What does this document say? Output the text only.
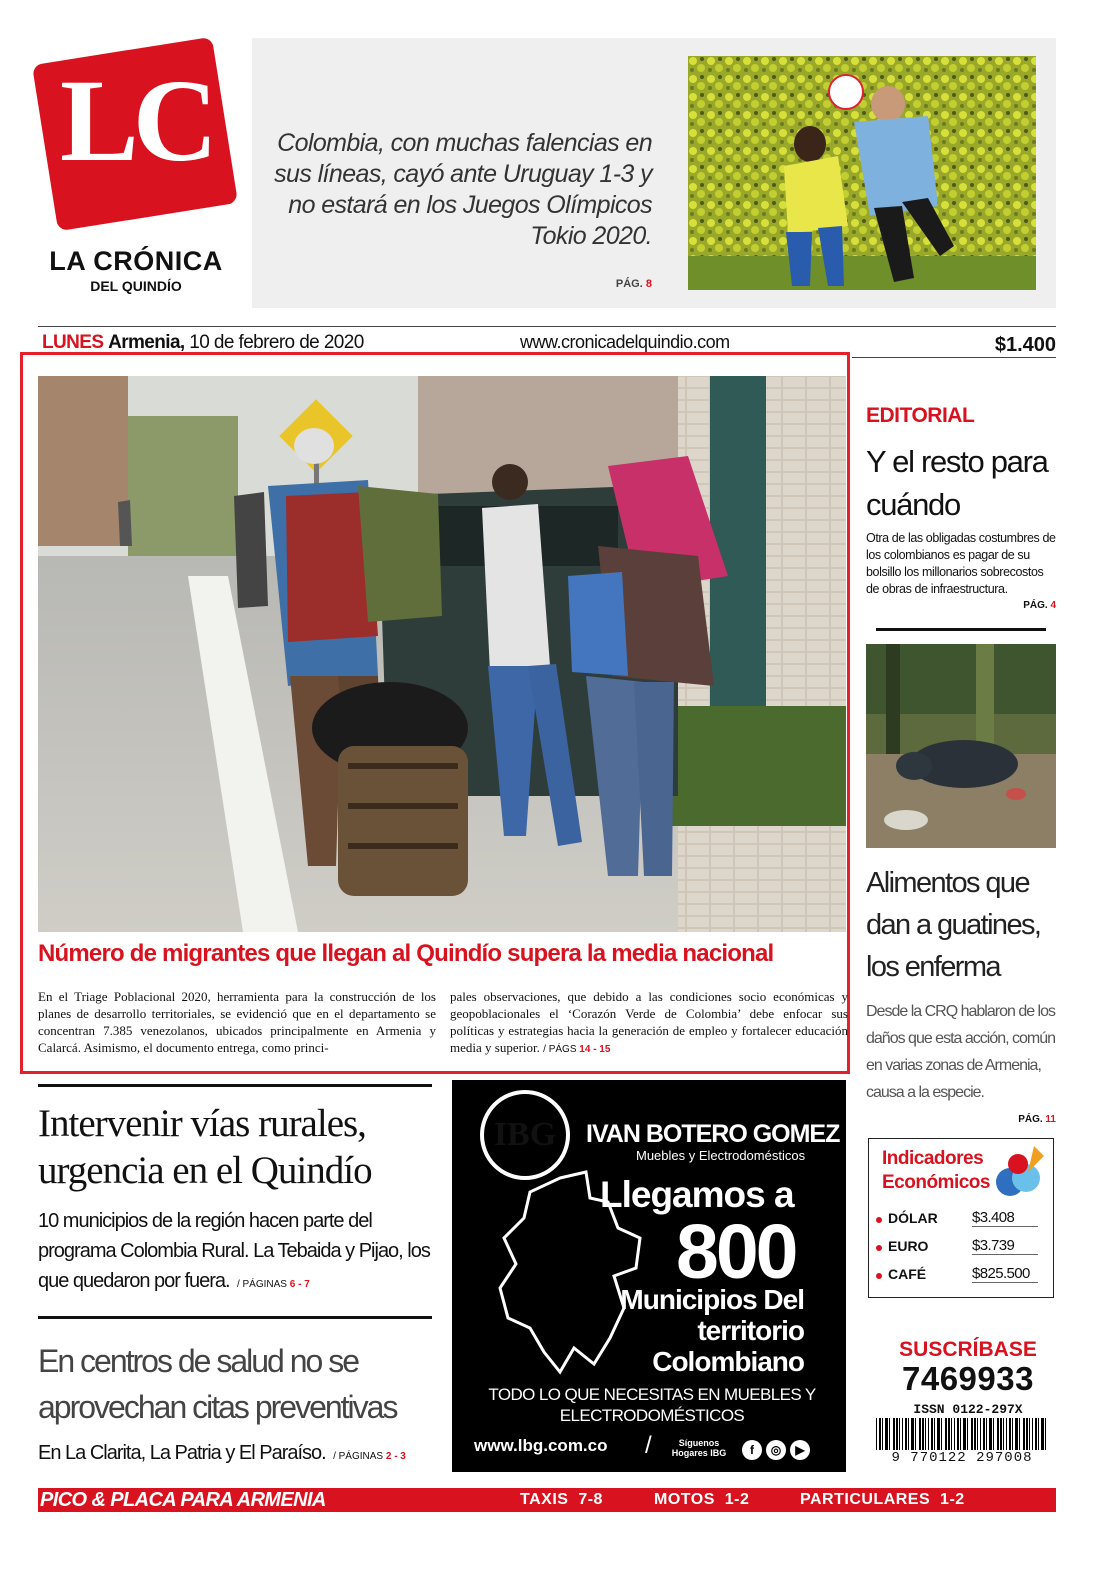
LC
LA CRÓNICA
DEL QUINDÍO
Colombia, con muchas falencias en sus líneas, cayó ante Uruguay 1-3 y no estará en los Juegos Olímpicos Tokio 2020.
PÁG. 8
LUNES Armenia, 10 de febrero de 2020	www.cronicadelquindio.com	$1.400
Número de migrantes que llegan al Quindío supera la media nacional
En el Triage Poblacional 2020, herramienta para la construcción de los planes de desarrollo territoriales, se evidenció que en el departamento se concentran 7.385 venezolanos, ubicados principalmente en Armenia y Calarcá. Asimismo, el documento entrega, como princi-
pales observaciones, que debido a las condiciones socio económicas y geopoblacionales el ‘Corazón Verde de Colombia’ debe enfocar sus políticas y estrategias hacia la generación de empleo y fortalecer educación media y superior. / PÁGS 14 - 15
EDITORIAL
Y el resto para cuándo
Otra de las obligadas costumbres de los colombianos es pagar de su bolsillo los millonarios sobrecostos de obras de infraestructura.
PÁG. 4
Alimentos que dan a guatines, los enferma
Desde la CRQ hablaron de los daños que esta acción, común en varias zonas de Armenia, causa a la especie.
PÁG. 11
Indicadores
Económicos
DÓLAR $3.408
EURO	$3.739
CAFÉ	$825.500
SUSCRÍBASE
7469933
ISSN 0122-297X
9 770122 297008
Intervenir vías rurales, urgencia en el Quindío
10 municipios de la región hacen parte del programa Colombia Rural. La Tebaida y Pijao, los que quedaron por fuera. / PÁGINAS 6 - 7
En centros de salud no se aprovechan citas preventivas
En La Clarita, La Patria y El Paraíso. / PÁGINAS 2 - 3
IBG	IVAN BOTERO GOMEZ
Muebles y Electrodomésticos
Llegamos a
800
Municipios Del territorio Colombiano
TODO LO QUE NECESITAS EN MUEBLES Y ELECTRODOMÉSTICOS
www.lbg.com.co /	Síguenos Hogares IBG	f	◎	▶
PICO & PLACA PARA ARMENIA	TAXIS 7-8	MOTOS 1-2	PARTICULARES 1-2
